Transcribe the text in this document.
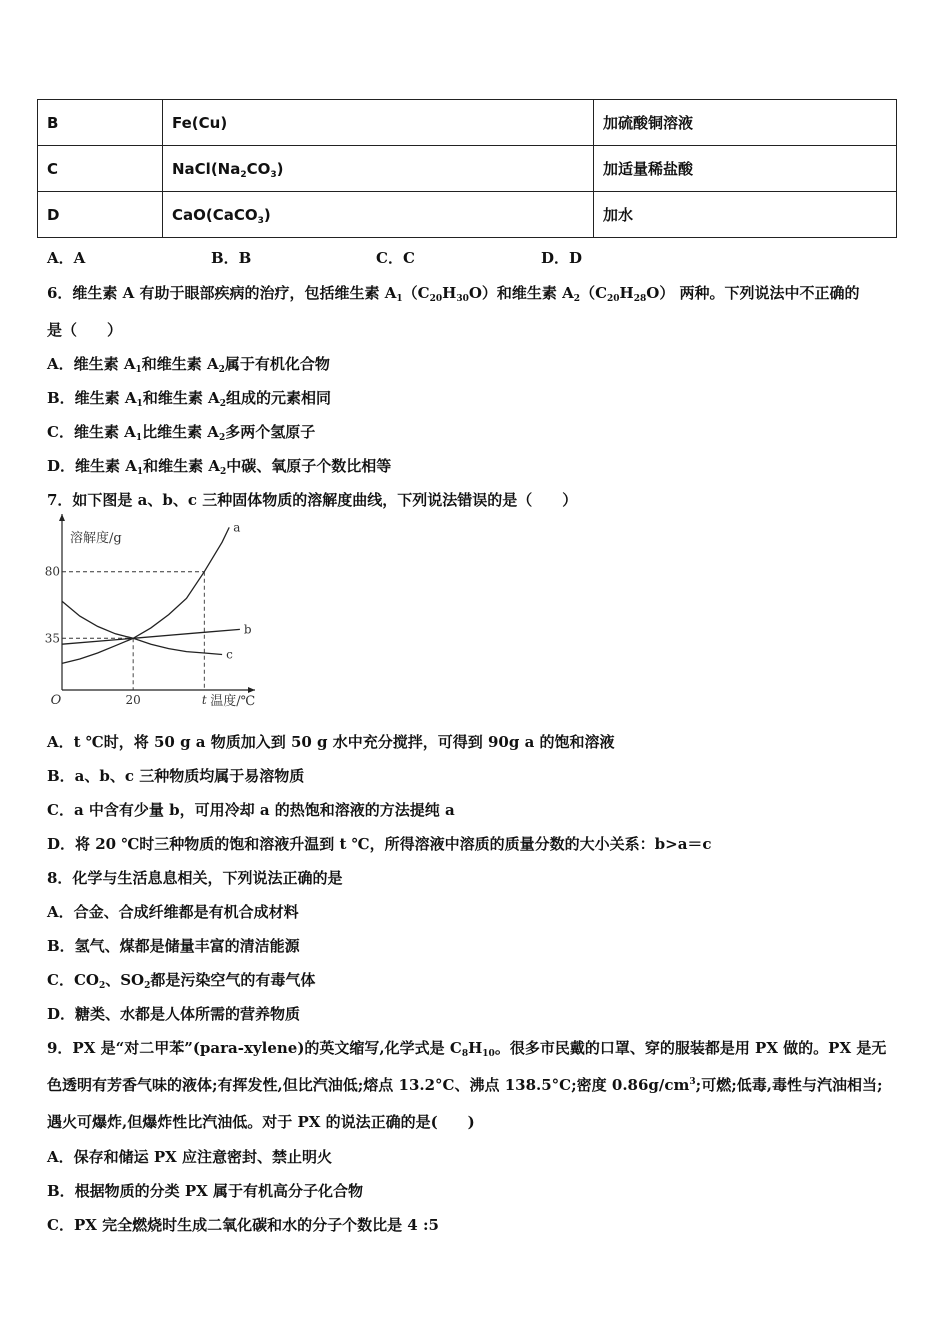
B	Fe(Cu)	加硫酸铜溶液
C	$NaCl(Na_2CO_3)$	加适量稀盐酸
D	CaO(CaCO$_3$)	加水
A．A	B．B	C．C	D．D
6．维生素 A 有助于眼部疾病的治疗，包括维生素 $A_1(C_{20}H_{30}O)$和维生素 $A_2(C_{20}H_{28}O)$ 两种。下列说法中不正确的
是（　　）
A．维生素 $A_1$和维生素 $A_2$属于有机化合物
B．维生素 $A_1$和维生素 $A_2$组成的元素相同
C．维生素 $A_1$比维生素 $A_2$多两个氢原子
D．维生素 $A_1$和维生素 $A_2$中碳、氧原子个数比相等
7．如下图是 a、b、c 三种固体物质的溶解度曲线，下列说法错误的是（　　）
溶解度/g
温度/℃
O
35
80
20	t
a
b
c
A．t ℃时，将 50 g a 物质加入到 50 g 水中充分搅拌，可得到 90g a 的饱和溶液
B．a、b、c 三种物质均属于易溶物质
C．a 中含有少量 b，可用冷却 a 的热饱和溶液的方法提纯 a
D．将 20 ℃时三种物质的饱和溶液升温到 t ℃，所得溶液中溶质的质量分数的大小关系：b>a＝c
8．化学与生活息息相关，下列说法正确的是
A．合金、合成纤维都是有机合成材料
B．氢气、煤都是储量丰富的清洁能源
C．$CO_2$、$SO_2$都是污染空气的有毒气体
D．糖类、水都是人体所需的营养物质
9．PX 是“对二甲苯”(para-xylene)的英文缩写,化学式是 $C_8H_{10}$。很多市民戴的口罩、穿的服装都是用 PX 做的。PX 是无
色透明有芳香气味的液体;有挥发性,但比汽油低;熔点 13.2°C、沸点 138.5°C;密度 $0.86g/cm^3$;可燃;低毒,毒性与汽油相当;
遇火可爆炸,但爆炸性比汽油低。对于 PX 的说法正确的是(　　)
A．保存和储运 PX 应注意密封、禁止明火
B．根据物质的分类 PX 属于有机高分子化合物
C．PX 完全燃烧时生成二氧化碳和水的分子个数比是 4 :5
